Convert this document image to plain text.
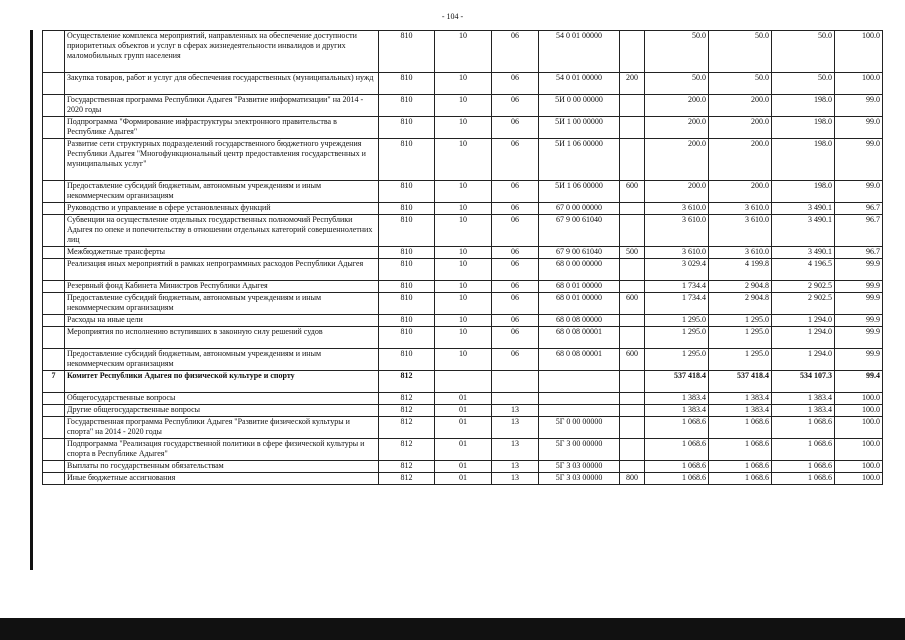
- 104 -
	Осуществление комплекса мероприятий, направленных на обеспечение доступности приоритетных объектов и услуг в сферах жизнедеятельности инвалидов и других маломобильных групп населения	810	10	06	54 0 01 00000		50.0	50.0	50.0	100.0
	Закупка товаров, работ и услуг для обеспечения государственных (муниципальных) нужд	810	10	06	54 0 01 00000	200	50.0	50.0	50.0	100.0
	Государственная программа Республики Адыгея "Развитие информатизации" на 2014 - 2020 годы	810	10	06	5И 0 00 00000		200.0	200.0	198.0	99.0
	Подпрограмма "Формирование инфраструктуры электронного правительства в Республике Адыгея"	810	10	06	5И 1 00 00000		200.0	200.0	198.0	99.0
	Развитие сети структурных подразделений государственного бюджетного учреждения Республики Адыгея "Многофункциональный центр предоставления государственных и муниципальных услуг"	810	10	06	5И 1 06 00000		200.0	200.0	198.0	99.0
	Предоставление субсидий бюджетным, автономным учреждениям и иным некоммерческим организациям	810	10	06	5И 1 06 00000	600	200.0	200.0	198.0	99.0
	Руководство и управление в сфере установленных функций	810	10	06	67 0 00 00000		3 610.0	3 610.0	3 490.1	96.7
	Субвенции на осуществление отдельных государственных полномочий Республики Адыгея по опеке и попечительству в отношении отдельных категорий совершеннолетних лиц	810	10	06	67 9 00 61040		3 610.0	3 610.0	3 490.1	96.7
	Межбюджетные трансферты	810	10	06	67 9 00 61040	500	3 610.0	3 610.0	3 490.1	96.7
	Реализация иных мероприятий в рамках непрограммных расходов Республики Адыгея	810	10	06	68 0 00 00000		3 029.4	4 199.8	4 196.5	99.9
	Резервный фонд Кабинета Министров Республики Адыгея	810	10	06	68 0 01 00000		1 734.4	2 904.8	2 902.5	99.9
	Предоставление субсидий бюджетным, автономным учреждениям и иным некоммерческим организациям	810	10	06	68 0 01 00000	600	1 734.4	2 904.8	2 902.5	99.9
	Расходы на иные цели	810	10	06	68 0 08 00000		1 295.0	1 295.0	1 294.0	99.9
	Мероприятия по исполнению вступивших в законную силу решений судов	810	10	06	68 0 08 00001		1 295.0	1 295.0	1 294.0	99.9
	Предоставление субсидий бюджетным, автономным учреждениям и иным некоммерческим организациям	810	10	06	68 0 08 00001	600	1 295.0	1 295.0	1 294.0	99.9
7	Комитет Республики Адыгея по физической культуре и спорту	812					537 418.4	537 418.4	534 107.3	99.4
	Общегосударственные вопросы	812	01				1 383.4	1 383.4	1 383.4	100.0
	Другие общегосударственные вопросы	812	01	13			1 383.4	1 383.4	1 383.4	100.0
	Государственная программа Республики Адыгея "Развитие физической культуры и спорта" на 2014 - 2020 годы	812	01	13	5Г 0 00 00000		1 068.6	1 068.6	1 068.6	100.0
	Подпрограмма "Реализация государственной политики в сфере физической культуры и спорта в Республике Адыгея"	812	01	13	5Г 3 00 00000		1 068.6	1 068.6	1 068.6	100.0
	Выплаты по государственным обязательствам	812	01	13	5Г 3 03 00000		1 068.6	1 068.6	1 068.6	100.0
	Иные бюджетные ассигнования	812	01	13	5Г 3 03 00000	800	1 068.6	1 068.6	1 068.6	100.0
